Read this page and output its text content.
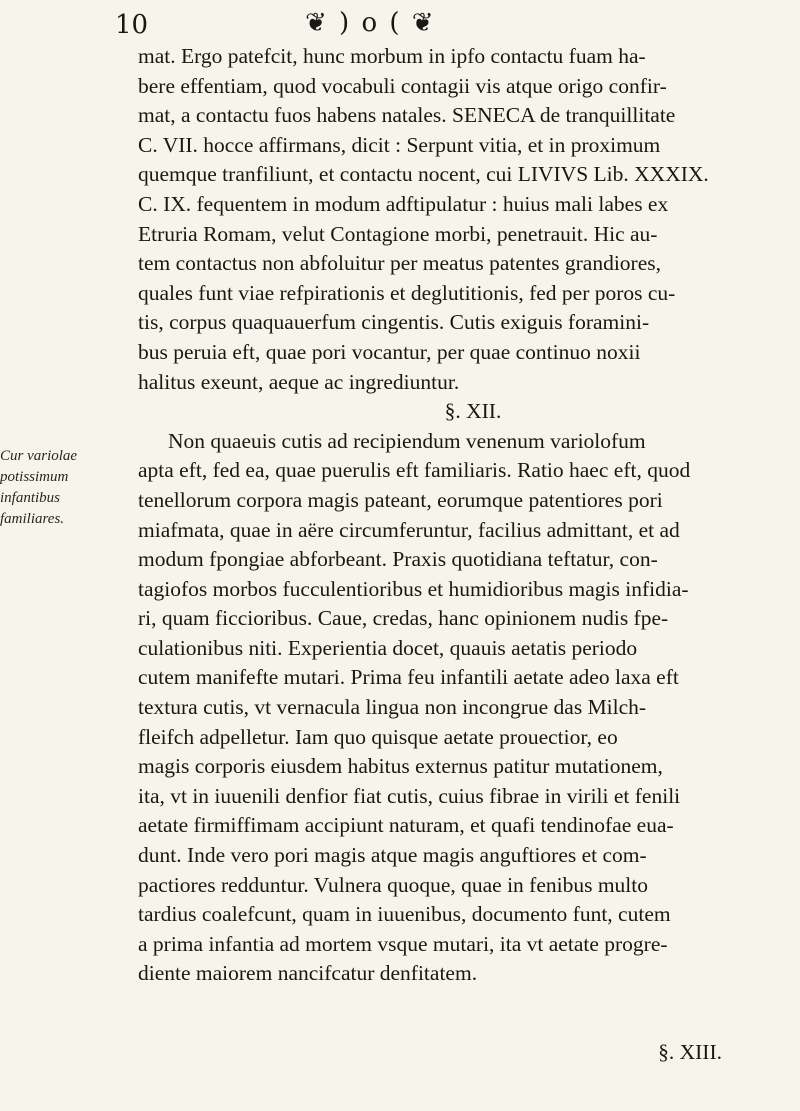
10	❦ ) o ( ❦
Cur variolae
potissimum
infantibus
familiares.
mat. Ergo patefcit, hunc morbum in ipfo contactu fuam ha-
bere effentiam, quod vocabuli contagii vis atque origo confir-
mat, a contactu fuos habens natales. SENECA de tranquillitate
C. VII. hocce affirmans, dicit : Serpunt vitia, et in proximum
quemque tranfiliunt, et contactu nocent, cui LIVIVS Lib. XXXIX.
C. IX. fequentem in modum adftipulatur : huius mali labes ex
Etruria Romam, velut Contagione morbi, penetrauit. Hic au-
tem contactus non abfoluitur per meatus patentes grandiores,
quales funt viae refpirationis et deglutitionis, fed per poros cu-
tis, corpus quaquauerfum cingentis. Cutis exiguis foramini-
bus peruia eft, quae pori vocantur, per quae continuo noxii
halitus exeunt, aeque ac ingrediuntur.
§. XII.
Non quaeuis cutis ad recipiendum venenum variolofum
apta eft, fed ea, quae puerulis eft familiaris. Ratio haec eft, quod
tenellorum corpora magis pateant, eorumque patentiores pori
miafmata, quae in aëre circumferuntur, facilius admittant, et ad
modum fpongiae abforbeant. Praxis quotidiana teftatur, con-
tagiofos morbos fucculentioribus et humidioribus magis infidia-
ri, quam ficcioribus. Caue, credas, hanc opinionem nudis fpe-
culationibus niti. Experientia docet, quauis aetatis periodo
cutem manifefte mutari. Prima feu infantili aetate adeo laxa eft
textura cutis, vt vernacula lingua non incongrue das Milch-
fleifch adpelletur. Iam quo quisque aetate prouectior, eo
magis corporis eiusdem habitus externus patitur mutationem,
ita, vt in iuuenili denfior fiat cutis, cuius fibrae in virili et fenili
aetate firmiffimam accipiunt naturam, et quafi tendinofae eua-
dunt. Inde vero pori magis atque magis anguftiores et com-
pactiores redduntur. Vulnera quoque, quae in fenibus multo
tardius coalefcunt, quam in iuuenibus, documento funt, cutem
a prima infantia ad mortem vsque mutari, ita vt aetate progre-
diente maiorem nancifcatur denfitatem.
§. XIII.
